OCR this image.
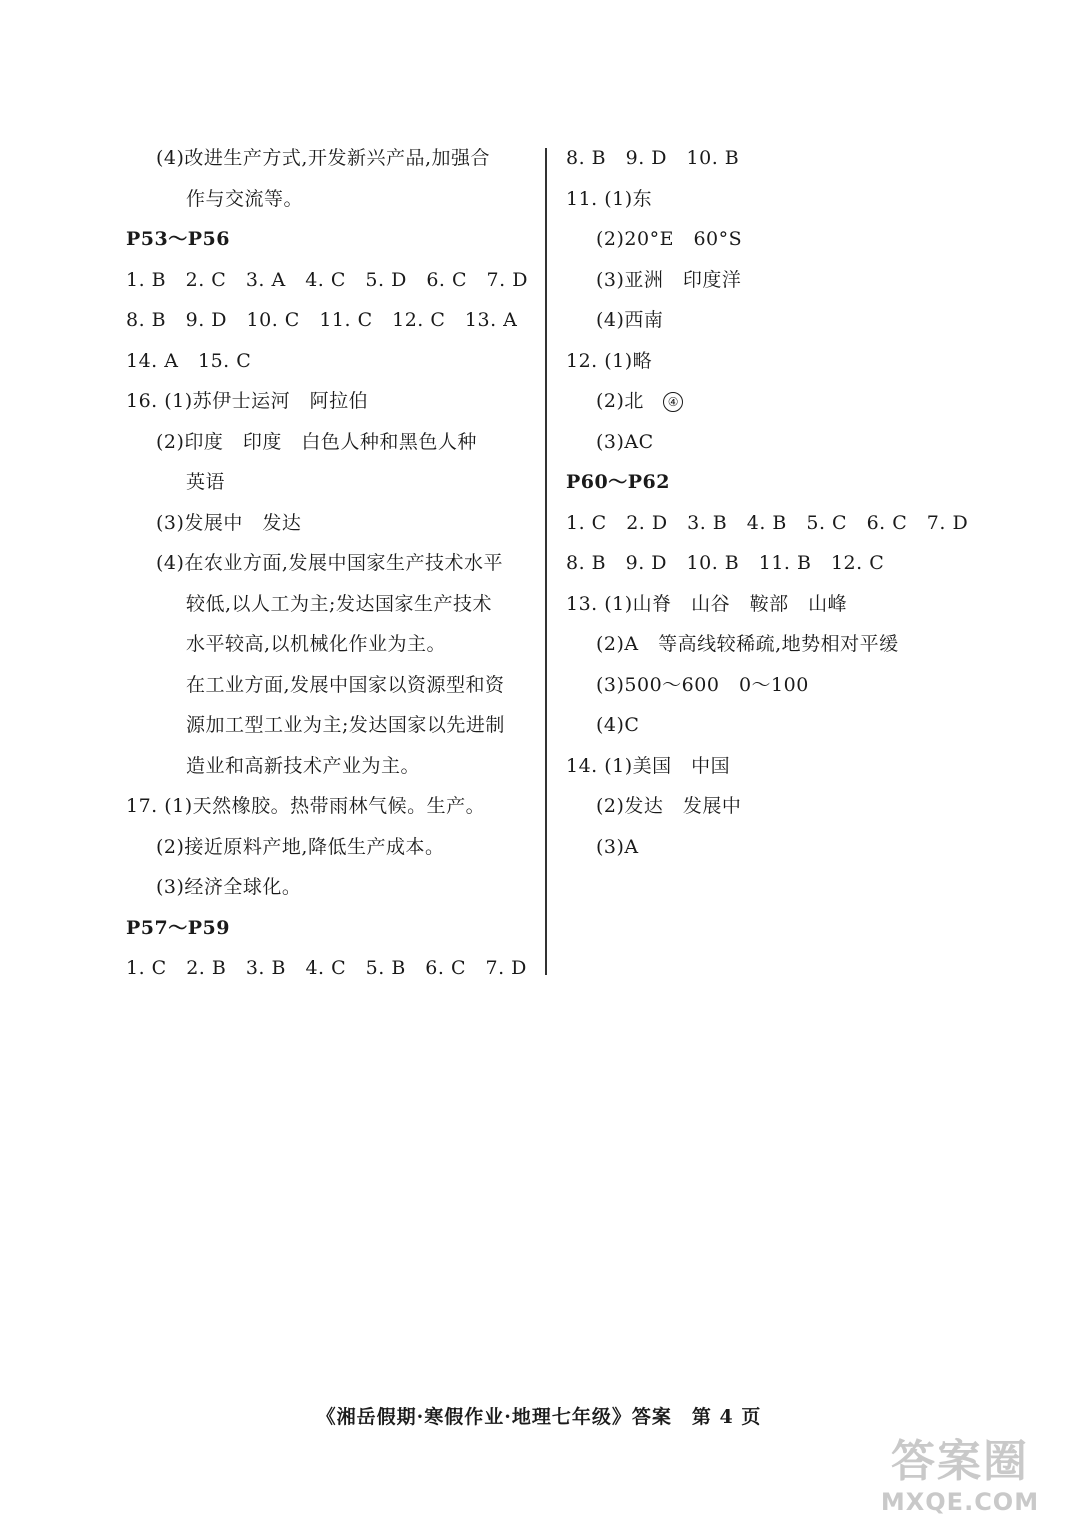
(4)改进生产方式,开发新兴产品,加强合
作与交流等。
P53～P56
1. B　2. C　3. A　4. C　5. D　6. C　7. D
8. B　9. D　10. C　11. C　12. C　13. A
14. A　15. C
16. (1)苏伊士运河　阿拉伯
(2)印度　印度　白色人种和黑色人种
英语
(3)发展中　发达
(4)在农业方面,发展中国家生产技术水平
较低,以人工为主;发达国家生产技术
水平较高,以机械化作业为主。
在工业方面,发展中国家以资源型和资
源加工型工业为主;发达国家以先进制
造业和高新技术产业为主。
17. (1)天然橡胶。热带雨林气候。生产。
(2)接近原料产地,降低生产成本。
(3)经济全球化。
P57～P59
1. C　2. B　3. B　4. C　5. B　6. C　7. D
8. B　9. D　10. B
11. (1)东
(2)20°E　60°S
(3)亚洲　印度洋
(4)西南
12. (1)略
(2)北　④
(3)AC
P60～P62
1. C　2. D　3. B　4. B　5. C　6. C　7. D
8. B　9. D　10. B　11. B　12. C
13. (1)山脊　山谷　鞍部　山峰
(2)A　等高线较稀疏,地势相对平缓
(3)500～600　0～100
(4)C
14. (1)美国　中国
(2)发达　发展中
(3)A
《湘岳假期·寒假作业·地理七年级》答案　第 4 页
答案圈
MXQE.COM
